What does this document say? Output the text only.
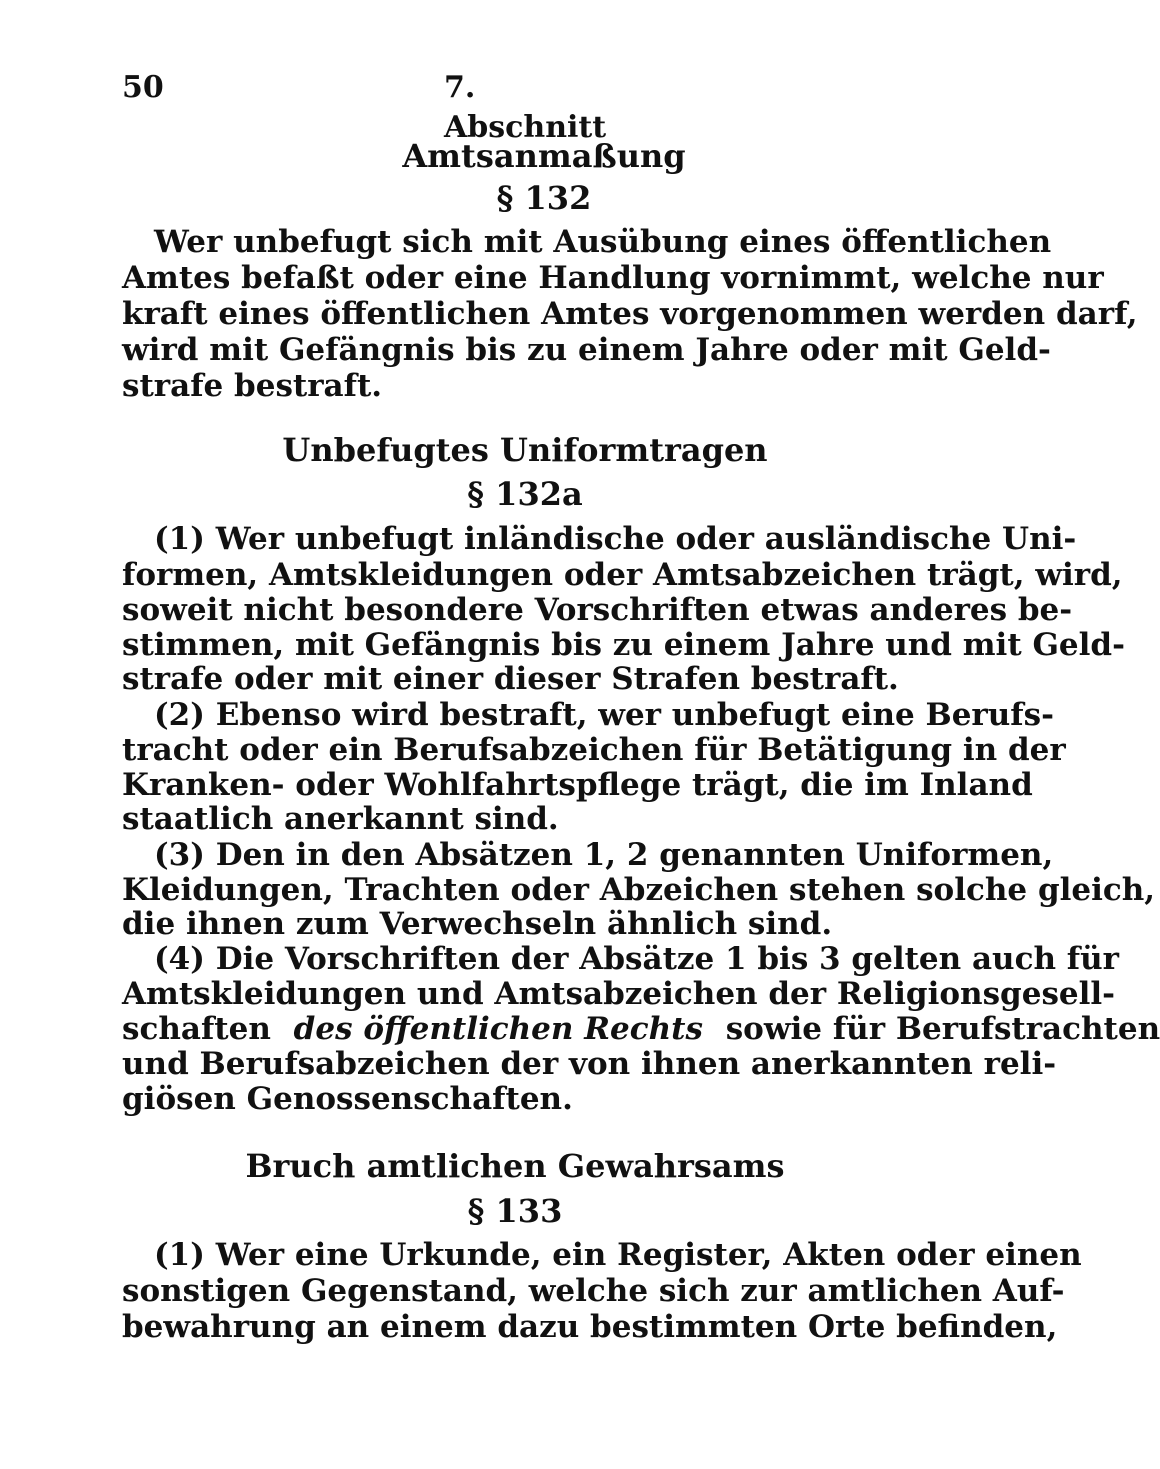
50	7. Abschnitt
Amtsanmaßung
§ 132
Wer unbefugt sich mit Ausübung eines öffentlichen
Amtes befaßt oder eine Handlung vornimmt, welche nur
kraft eines öffentlichen Amtes vorgenommen werden darf,
wird mit Gefängnis bis zu einem Jahre oder mit Geld-
strafe bestraft.
Unbefugtes Uniformtragen
§ 132a
(1) Wer unbefugt inländische oder ausländische Uni-
formen, Amtskleidungen oder Amtsabzeichen trägt, wird,
soweit nicht besondere Vorschriften etwas anderes be-
stimmen, mit Gefängnis bis zu einem Jahre und mit Geld-
strafe oder mit einer dieser Strafen bestraft.
(2) Ebenso wird bestraft, wer unbefugt eine Berufs-
tracht oder ein Berufsabzeichen für Betätigung in der
Kranken- oder Wohlfahrtspflege trägt, die im Inland
staatlich anerkannt sind.
(3) Den in den Absätzen 1, 2 genannten Uniformen,
Kleidungen, Trachten oder Abzeichen stehen solche gleich,
die ihnen zum Verwechseln ähnlich sind.
(4) Die Vorschriften der Absätze 1 bis 3 gelten auch für
Amtskleidungen und Amtsabzeichen der Religionsgesell-
schaften des öffentlichen Rechts sowie für Berufstrachten
und Berufsabzeichen der von ihnen anerkannten reli-
giösen Genossenschaften.
Bruch amtlichen Gewahrsams
§ 133
(1) Wer eine Urkunde, ein Register, Akten oder einen
sonstigen Gegenstand, welche sich zur amtlichen Auf-
bewahrung an einem dazu bestimmten Orte befinden,
